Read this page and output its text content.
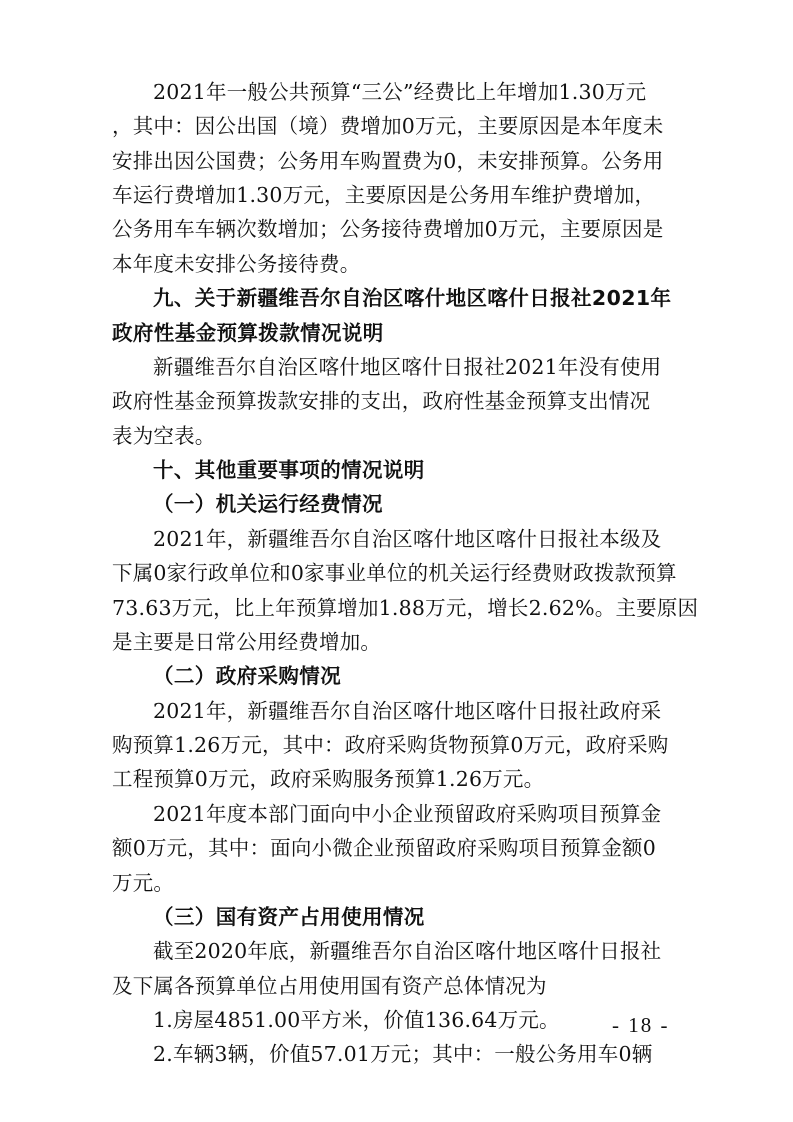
2021年一般公共预算“三公”经费比上年增加1.30万元
，其中：因公出国（境）费增加0万元，主要原因是本年度未
安排出因公国费；公务用车购置费为0，未安排预算。公务用
车运行费增加1.30万元，主要原因是公务用车维护费增加，
公务用车车辆次数增加；公务接待费增加0万元，主要原因是
本年度未安排公务接待费。
九、关于新疆维吾尔自治区喀什地区喀什日报社2021年
政府性基金预算拨款情况说明
新疆维吾尔自治区喀什地区喀什日报社2021年没有使用
政府性基金预算拨款安排的支出，政府性基金预算支出情况
表为空表。
十、其他重要事项的情况说明
（一）机关运行经费情况
2021年，新疆维吾尔自治区喀什地区喀什日报社本级及
下属0家行政单位和0家事业单位的机关运行经费财政拨款预算
73.63万元，比上年预算增加1.88万元，增长2.62%。主要原因
是主要是日常公用经费增加。
（二）政府采购情况
2021年，新疆维吾尔自治区喀什地区喀什日报社政府采
购预算1.26万元，其中：政府采购货物预算0万元，政府采购
工程预算0万元，政府采购服务预算1.26万元。
2021年度本部门面向中小企业预留政府采购项目预算金
额0万元，其中：面向小微企业预留政府采购项目预算金额0
万元。
（三）国有资产占用使用情况
截至2020年底，新疆维吾尔自治区喀什地区喀什日报社
及下属各预算单位占用使用国有资产总体情况为
1.房屋4851.00平方米，价值136.64万元。
2.车辆3辆，价值57.01万元；其中：一般公务用车0辆
- 18 -
